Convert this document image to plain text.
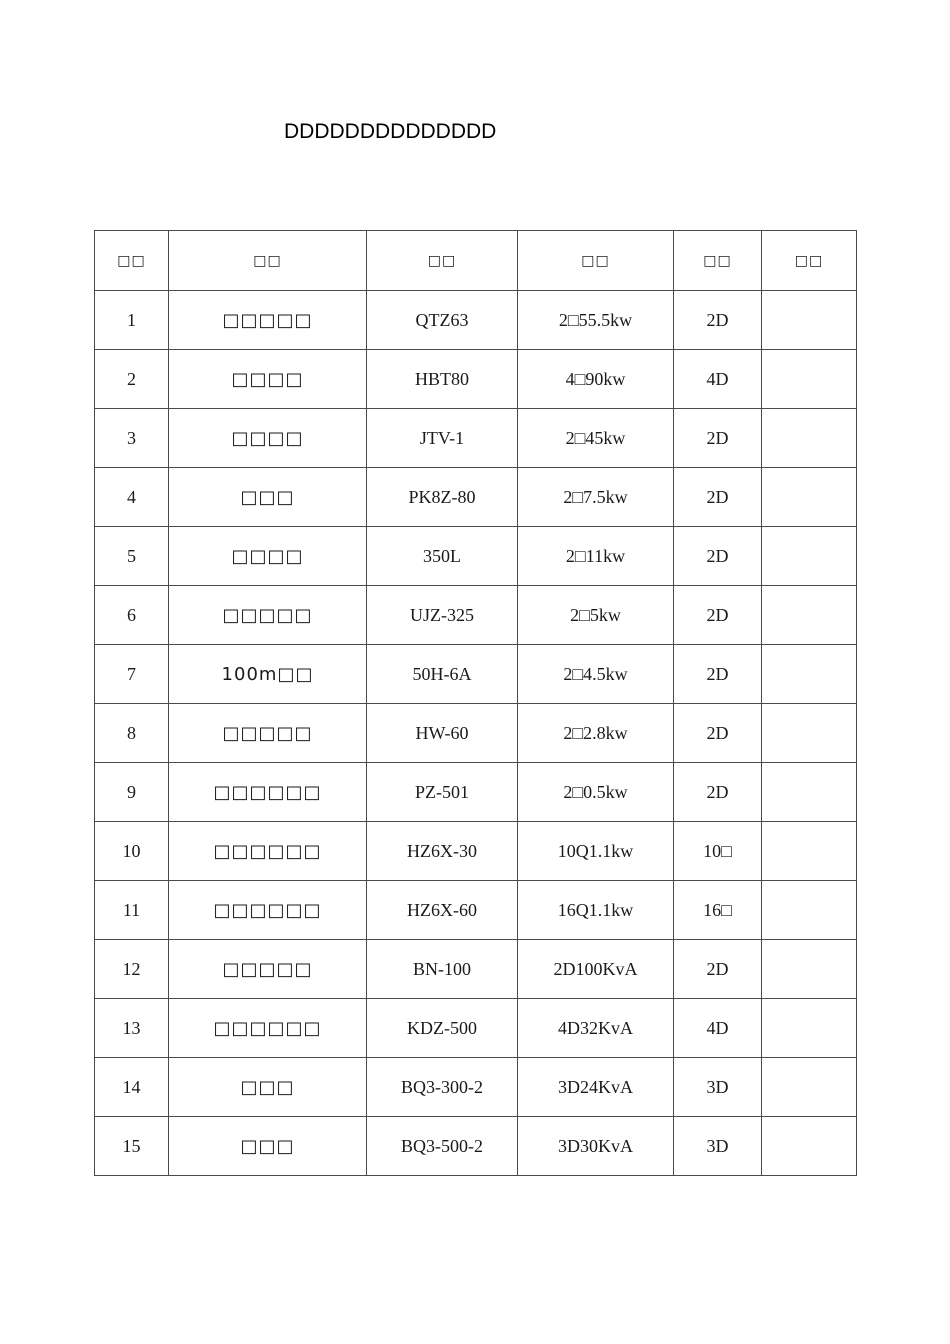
DDDDDDDDDDDDDD
□□	□□	□□	□□	□□	□□
1	□□□□□	QTZ63	2□55.5kw	2D	
2	□□□□	HBT80	4□90kw	4D	
3	□□□□	JTV-1	2□45kw	2D	
4	□□□	PK8Z-80	2□7.5kw	2D	
5	□□□□	350L	2□11kw	2D	
6	□□□□□	UJZ-325	2□5kw	2D	
7	100m□□	50H-6A	2□4.5kw	2D	
8	□□□□□	HW-60	2□2.8kw	2D	
9	□□□□□□	PZ-501	2□0.5kw	2D	
10	□□□□□□	HZ6X-30	10Q1.1kw	10□	
11	□□□□□□	HZ6X-60	16Q1.1kw	16□	
12	□□□□□	BN-100	2D100KvA	2D	
13	□□□□□□	KDZ-500	4D32KvA	4D	
14	□□□	BQ3-300-2	3D24KvA	3D	
15	□□□	BQ3-500-2	3D30KvA	3D	
